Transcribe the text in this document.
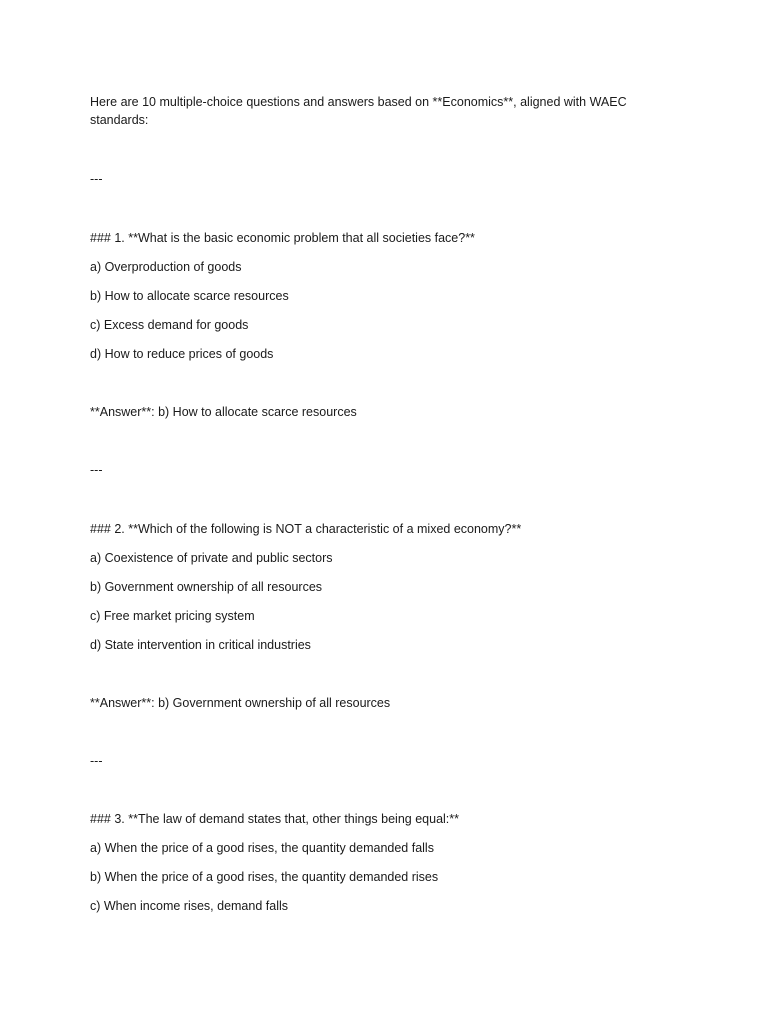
Here are 10 multiple-choice questions and answers based on **Economics**, aligned with WAEC standards:
---
### 1. **What is the basic economic problem that all societies face?**
a) Overproduction of goods
b) How to allocate scarce resources
c) Excess demand for goods
d) How to reduce prices of goods
**Answer**: b) How to allocate scarce resources
---
### 2. **Which of the following is NOT a characteristic of a mixed economy?**
a) Coexistence of private and public sectors
b) Government ownership of all resources
c) Free market pricing system
d) State intervention in critical industries
**Answer**: b) Government ownership of all resources
---
### 3. **The law of demand states that, other things being equal:**
a) When the price of a good rises, the quantity demanded falls
b) When the price of a good rises, the quantity demanded rises
c) When income rises, demand falls
